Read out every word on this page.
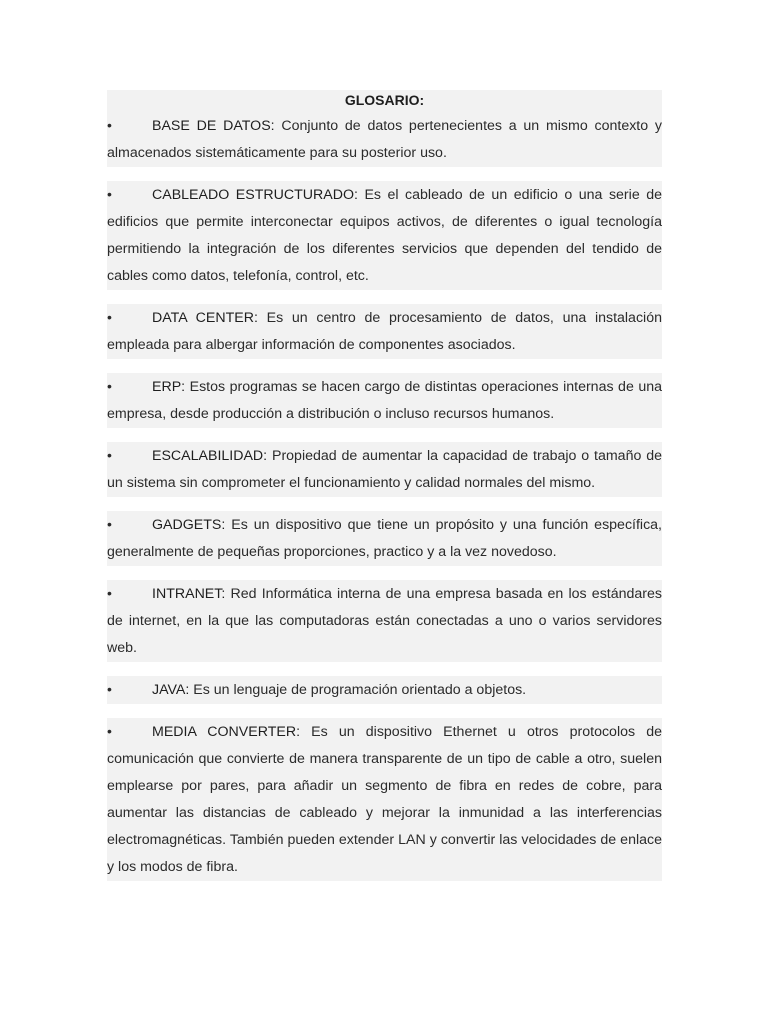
GLOSARIO:
•	BASE DE DATOS: Conjunto de datos pertenecientes a un mismo contexto y almacenados sistemáticamente para su posterior uso.
•	CABLEADO ESTRUCTURADO: Es el cableado de un edificio o una serie de edificios que permite interconectar equipos activos, de diferentes o igual tecnología permitiendo la integración de los diferentes servicios que dependen del tendido de cables como datos, telefonía, control, etc.
•	DATA CENTER: Es un centro de procesamiento de datos, una instalación empleada para albergar información de componentes asociados.
•	ERP: Estos programas se hacen cargo de distintas operaciones internas de una empresa, desde producción a distribución o incluso recursos humanos.
•	ESCALABILIDAD: Propiedad de aumentar la capacidad de trabajo o tamaño de un sistema sin comprometer el funcionamiento y calidad normales del mismo.
•	GADGETS: Es un dispositivo que tiene un propósito y una función específica, generalmente de pequeñas proporciones, practico y a la vez novedoso.
•	INTRANET: Red Informática interna de una empresa basada en los estándares de internet, en la que las computadoras están conectadas a uno o varios servidores web.
•	JAVA: Es un lenguaje de programación orientado a objetos.
•	MEDIA CONVERTER: Es un dispositivo Ethernet u otros protocolos de comunicación que convierte de manera transparente de un tipo de cable a otro, suelen emplearse por pares, para añadir un segmento de fibra en redes de cobre, para aumentar las distancias de cableado y mejorar la inmunidad a las interferencias electromagnéticas. También pueden extender LAN y convertir las velocidades de enlace y los modos de fibra.
